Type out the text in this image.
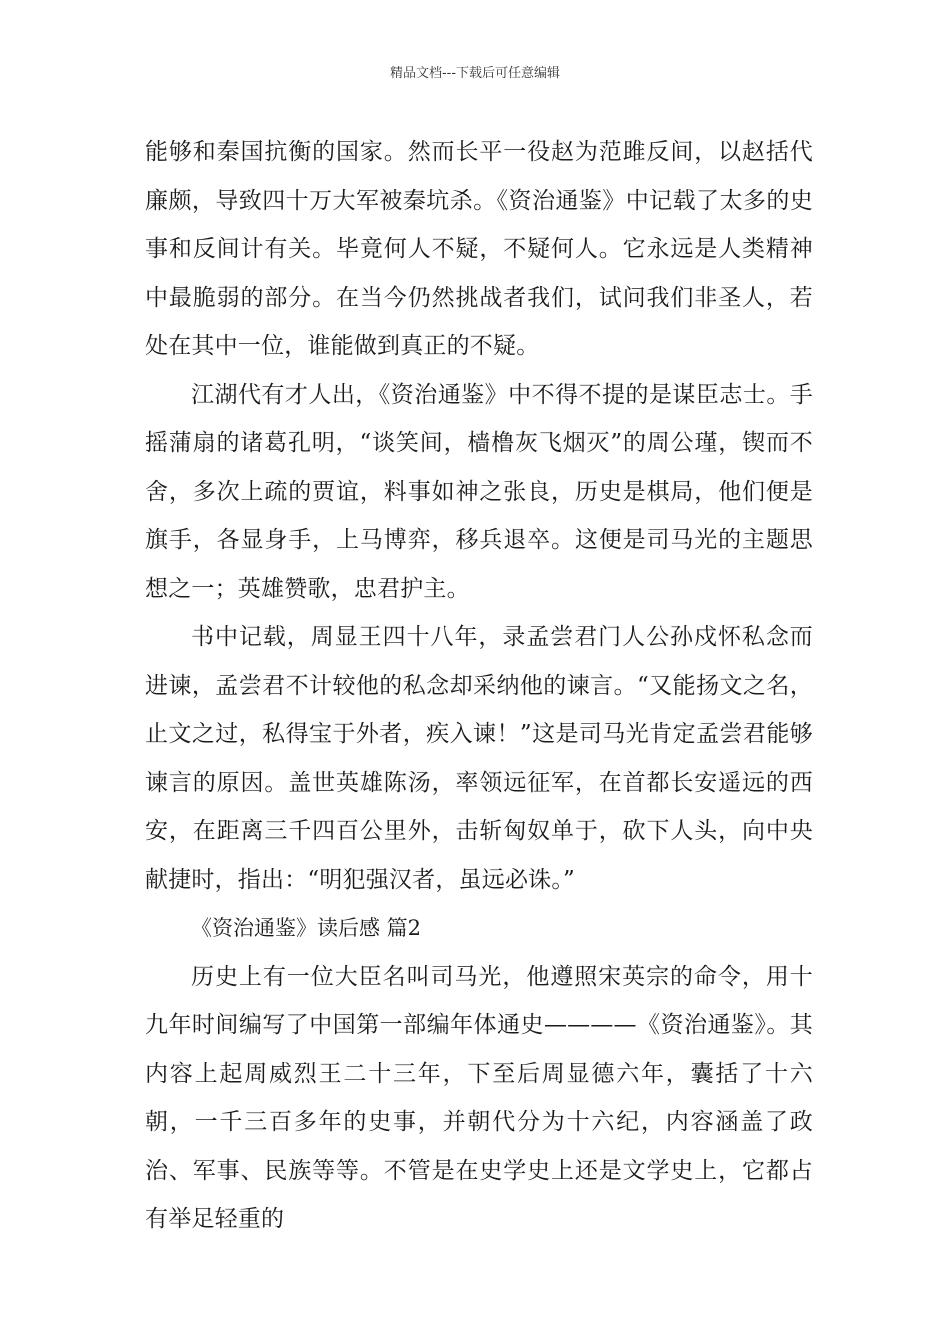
精品文档---下载后可任意编辑

能够和秦国抗衡的国家。然而长平一役赵为范雎反间，以赵括代廉颇，导致四十万大军被秦坑杀。《资治通鉴》中记载了太多的史事和反间计有关。毕竟何人不疑，不疑何人。它永远是人类精神中最脆弱的部分。在当今仍然挑战者我们，试问我们非圣人，若处在其中一位，谁能做到真正的不疑。

江湖代有才人出，《资治通鉴》中不得不提的是谋臣志士。手摇蒲扇的诸葛孔明，“谈笑间，樯橹灰飞烟灭”的周公瑾，锲而不舍，多次上疏的贾谊，料事如神之张良，历史是棋局，他们便是旗手，各显身手，上马博弈，移兵退卒。这便是司马光的主题思想之一；英雄赞歌，忠君护主。

书中记载，周显王四十八年，录孟尝君门人公孙戍怀私念而进谏，孟尝君不计较他的私念却采纳他的谏言。“又能扬文之名，止文之过，私得宝于外者，疾入谏！”这是司马光肯定孟尝君能够谏言的原因。盖世英雄陈汤，率领远征军，在首都长安遥远的西安，在距离三千四百公里外，击斩匈奴单于，砍下人头，向中央献捷时，指出：“明犯强汉者，虽远必诛。”

《资治通鉴》读后感 篇2

历史上有一位大臣名叫司马光，他遵照宋英宗的命令，用十九年时间编写了中国第一部编年体通史————《资治通鉴》。其内容上起周威烈王二十三年，下至后周显德六年，囊括了十六朝，一千三百多年的史事，并朝代分为十六纪，内容涵盖了政治、军事、民族等等。不管是在史学史上还是文学史上，它都占有举足轻重的
